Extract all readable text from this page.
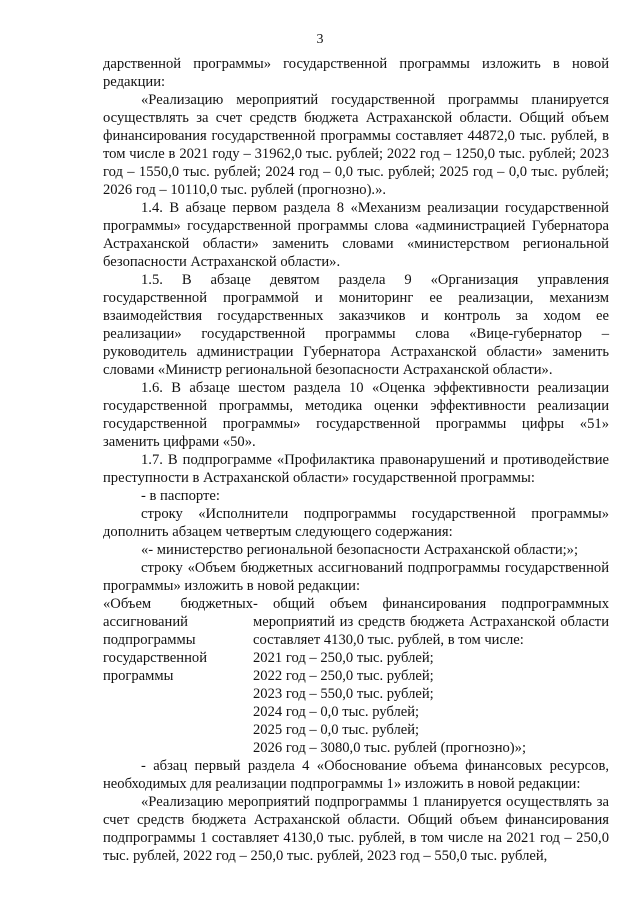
3

дарственной программы» государственной программы изложить в новой редакции:

«Реализацию мероприятий государственной программы планируется осуществлять за счет средств бюджета Астраханской области. Общий объем финансирования государственной программы составляет 44872,0 тыс. рублей, в том числе в 2021 году – 31962,0 тыс. рублей; 2022 год – 1250,0 тыс. рублей; 2023 год – 1550,0 тыс. рублей; 2024 год – 0,0 тыс. рублей; 2025 год – 0,0 тыс. рублей; 2026 год – 10110,0 тыс. рублей (прогнозно).».

1.4. В абзаце первом раздела 8 «Механизм реализации государственной программы» государственной программы слова «администрацией Губернатора Астраханской области» заменить словами «министерством региональной безопасности Астраханской области».

1.5. В абзаце девятом раздела 9 «Организация управления государственной программой и мониторинг ее реализации, механизм взаимодействия государственных заказчиков и контроль за ходом ее реализации» государственной программы слова «Вице-губернатор – руководитель администрации Губернатора Астраханской области» заменить словами «Министр региональной безопасности Астраханской области».

1.6. В абзаце шестом раздела 10 «Оценка эффективности реализации государственной программы, методика оценки эффективности реализации государственной программы» государственной программы цифры «51» заменить цифрами «50».

1.7. В подпрограмме «Профилактика правонарушений и противодействие преступности в Астраханской области» государственной программы:

- в паспорте:

строку «Исполнители подпрограммы государственной программы» дополнить абзацем четвертым следующего содержания:

«- министерство региональной безопасности Астраханской области;»;

строку «Объем бюджетных ассигнований подпрограммы государственной программы» изложить в новой редакции:

«Объем бюджетных ассигнований подпрограммы государственной программы

- общий объем финансирования подпрограммных мероприятий из средств бюджета Астраханской области составляет 4130,0 тыс. рублей, в том числе:

2021 год – 250,0 тыс. рублей;

2022 год – 250,0 тыс. рублей;

2023 год – 550,0 тыс. рублей;

2024 год – 0,0 тыс. рублей;

2025 год – 0,0 тыс. рублей;

2026 год – 3080,0 тыс. рублей (прогнозно)»;

- абзац первый раздела 4 «Обоснование объема финансовых ресурсов, необходимых для реализации подпрограммы 1» изложить в новой редакции:

«Реализацию мероприятий подпрограммы 1 планируется осуществлять за счет средств бюджета Астраханской области. Общий объем финансирования подпрограммы 1 составляет 4130,0 тыс. рублей, в том числе на 2021 год – 250,0 тыс. рублей, 2022 год – 250,0 тыс. рублей, 2023 год – 550,0 тыс. рублей,
